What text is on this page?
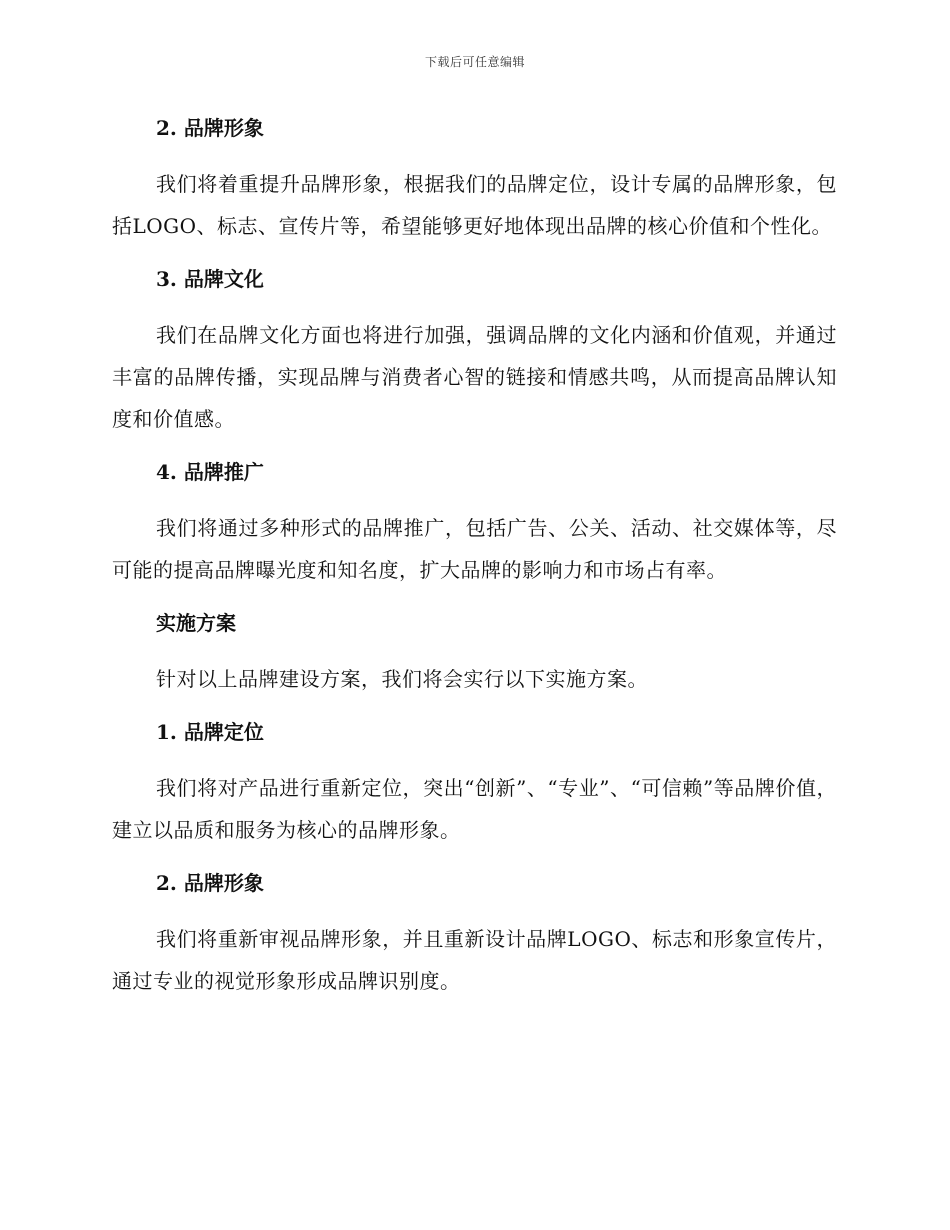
下载后可任意编辑
2. 品牌形象

我们将着重提升品牌形象，根据我们的品牌定位，设计专属的品牌形象，包括LOGO、标志、宣传片等，希望能够更好地体现出品牌的核心价值和个性化。

3. 品牌文化

我们在品牌文化方面也将进行加强，强调品牌的文化内涵和价值观，并通过丰富的品牌传播，实现品牌与消费者心智的链接和情感共鸣，从而提高品牌认知度和价值感。

4. 品牌推广

我们将通过多种形式的品牌推广，包括广告、公关、活动、社交媒体等，尽可能的提高品牌曝光度和知名度，扩大品牌的影响力和市场占有率。

实施方案

针对以上品牌建设方案，我们将会实行以下实施方案。

1. 品牌定位

我们将对产品进行重新定位，突出“创新”、“专业”、“可信赖”等品牌价值，建立以品质和服务为核心的品牌形象。

2. 品牌形象

我们将重新审视品牌形象，并且重新设计品牌LOGO、标志和形象宣传片，通过专业的视觉形象形成品牌识别度。
